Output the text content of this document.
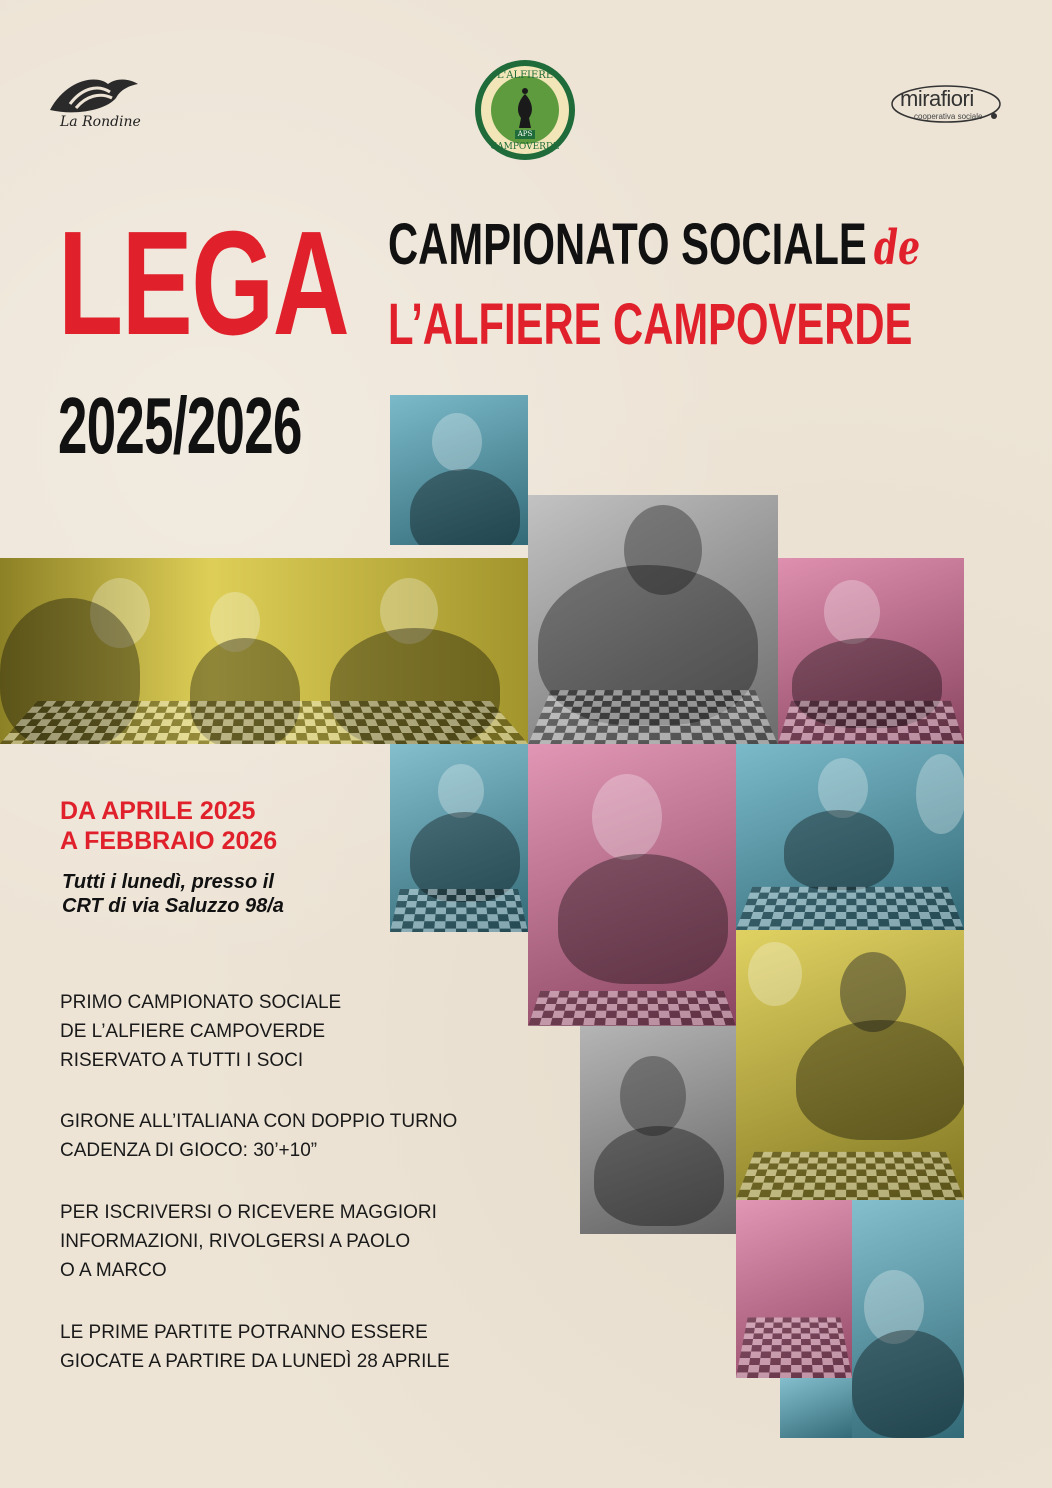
La Rondine
L'ALFIERE
APS
CAMPOVERDE
mirafiori
cooperativa sociale
LEGA
2025/2026
CAMPIONATO SOCIALE de
L’ALFIERE CAMPOVERDE
DA APRILE 2025
A FEBBRAIO 2026
Tutti i lunedì, presso il
CRT di via Saluzzo 98/a
PRIMO CAMPIONATO SOCIALE
DE L’ALFIERE CAMPOVERDE
RISERVATO A TUTTI I SOCI
GIRONE ALL’ITALIANA CON DOPPIO TURNO
CADENZA DI GIOCO: 30’+10”
PER ISCRIVERSI O RICEVERE MAGGIORI
INFORMAZIONI, RIVOLGERSI A PAOLO
O A MARCO
LE PRIME PARTITE POTRANNO ESSERE
GIOCATE A PARTIRE DA LUNEDÌ 28 APRILE
